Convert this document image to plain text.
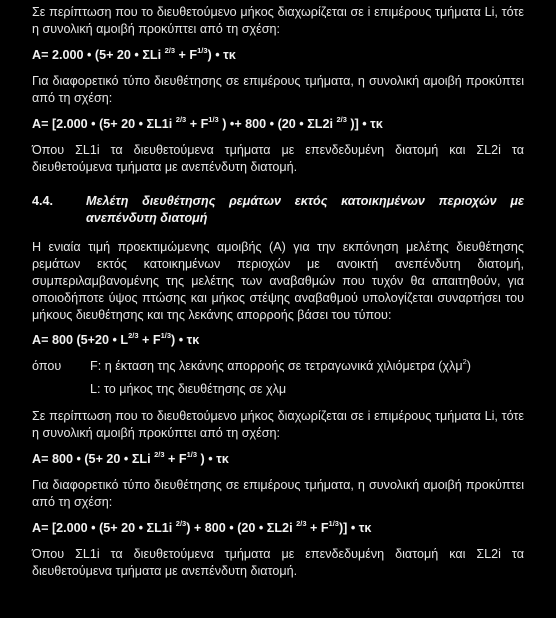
Σε περίπτωση που το διευθετούμενο μήκος διαχωρίζεται σε i επιμέρους τμήματα Li, τότε η συνολική αμοιβή προκύπτει από τη σχέση:

A= 2.000 • (5+ 20 • ΣLi $^{2/3} + F^{1/3}$) • τκ

Για διαφορετικό τύπο διευθέτησης σε επιμέρους τμήματα, η συνολική αμοιβή προκύπτει από τη σχέση:

A= [2.000 • (5+ 20 • ΣL1i $^{2/3} + F^{1/3}$ ) •+ 800 • (20 • ΣL2i $^{2/3}$ )] • τκ

Όπου ΣL1i τα διευθετούμενα τμήματα με επενδεδυμένη διατομή και ΣL2i τα διευθετούμενα τμήματα με ανεπένδυτη διατομή.

4.4.	Μελέτη διευθέτησης ρεμάτων εκτός κατοικημένων περιοχών με ανεπένδυτη διατομή

Η ενιαία τιμή προεκτιμώμενης αμοιβής (Α) για την εκπόνηση μελέτης διευθέτησης ρεμάτων εκτός κατοικημένων περιοχών με ανοικτή ανεπένδυτη διατομή, συμπεριλαμβανομένης της μελέτης των αναβαθμών που τυχόν θα απαιτηθούν, για οποιοδήποτε ύψος πτώσης και μήκος στέψης αναβαθμού υπολογίζεται συναρτήσει του μήκους διευθέτησης και της λεκάνης απορροής βάσει του τύπου:

A= 800 (5+20 • $L^{2/3} + F^{1/3}$) • τκ

όπου	F: η έκταση της λεκάνης απορροής σε τετραγωνικά χιλιόμετρα (χλμ$^2$)
L: το μήκος της διευθέτησης σε χλμ

Σε περίπτωση που το διευθετούμενο μήκος διαχωρίζεται σε i επιμέρους τμήματα Li, τότε η συνολική αμοιβή προκύπτει από τη σχέση:

A= 800 • (5+ 20 • ΣLi $^{2/3} + F^{1/3}$ ) • τκ

Για διαφορετικό τύπο διευθέτησης σε επιμέρους τμήματα, η συνολική αμοιβή προκύπτει από τη σχέση:

A= [2.000 • (5+ 20 • ΣL1i $^{2/3}$) + 800 • (20 • ΣL2i $^{2/3} + F^{1/3}$)] • τκ

Όπου ΣL1i τα διευθετούμενα τμήματα με επενδεδυμένη διατομή και ΣL2i τα διευθετούμενα τμήματα με ανεπένδυτη διατομή.
